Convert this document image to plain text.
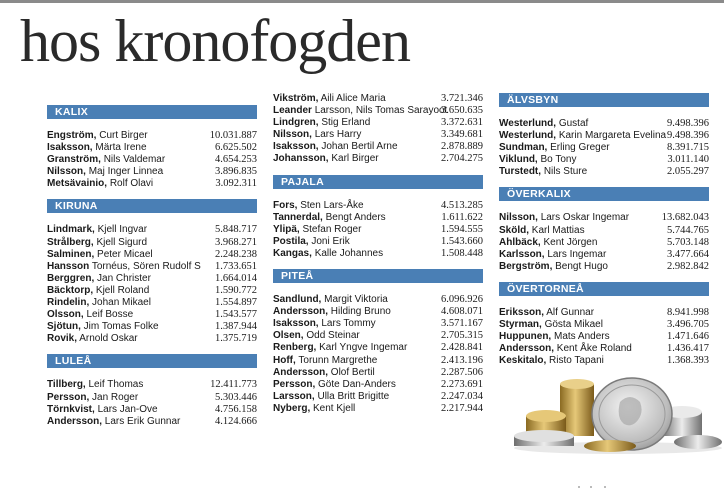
hos kronofogden
KALIX
Engström, Curt Birger	10.031.887
Isaksson, Märta Irene	6.625.502
Granström, Nils Valdemar	4.654.253
Nilsson, Maj Inger Linnea	3.896.835
Metsävainio, Rolf Olavi	3.092.311
KIRUNA
Lindmark, Kjell Ingvar	5.848.717
Strålberg, Kjell Sigurd	3.968.271
Salminen, Peter Micael	2.248.238
Hansson Tornéus, Sören Rudolf S 1.733.651
Berggren, Jan Christer	1.664.014
Bäcktorp, Kjell Roland	1.590.772
Rindelin, Johan Mikael	1.554.897
Olsson, Leif Bosse	1.543.577
Sjötun, Jim Tomas Folke	1.387.944
Rovik, Arnold Oskar	1.375.719
LULEÅ
Tillberg, Leif Thomas	12.411.773
Persson, Jan Roger	5.303.446
Törnkvist, Lars Jan-Ove	4.756.158
Andersson, Lars Erik Gunnar	4.124.666
Vikström, Aili Alice Maria	3.721.346
Leander Larsson, Nils Tomas Sarayoot
3.650.635
Lindgren, Stig Erland	3.372.631
Nilsson, Lars Harry	3.349.681
Isaksson, Johan Bertil Arne	2.878.889
Johansson, Karl Birger	2.704.275
PAJALA
Fors, Sten Lars-Åke	4.513.285
Tannerdal, Bengt Anders	1.611.622
Ylipä, Stefan Roger	1.594.555
Postila, Joni Erik	1.543.660
Kangas, Kalle Johannes	1.508.448
PITEÅ
Sandlund, Margit Viktoria	6.096.926
Andersson, Hilding Bruno	4.608.071
Isaksson, Lars Tommy	3.571.167
Olsen, Odd Steinar	2.705.315
Renberg, Karl Yngve Ingemar	2.428.841
Hoff, Torunn Margrethe	2.413.196
Andersson, Olof Bertil	2.287.506
Persson, Göte Dan-Anders	2.273.691
Larsson, Ulla Britt Brigitte	2.247.034
Nyberg, Kent Kjell	2.217.944
ÄLVSBYN
Westerlund, Gustaf	9.498.396
Westerlund, Karin Margareta Evelina 9.498.396
Sundman, Erling Greger	8.391.715
Viklund, Bo Tony	3.011.140
Turstedt, Nils Sture	2.055.297
ÖVERKALIX
Nilsson, Lars Oskar Ingemar	13.682.043
Sköld, Karl Mattias	5.744.765
Ahlbäck, Kent Jörgen	5.703.148
Karlsson, Lars Ingemar	3.477.664
Bergström, Bengt Hugo	2.982.842
ÖVERTORNEÅ
Eriksson, Alf Gunnar	8.941.998
Styrman, Gösta Mikael	3.496.705
Huppunen, Mats Anders	1.471.646
Andersson, Kent Åke Roland	1.436.417
Keskitalo, Risto Tapani	1.368.393
